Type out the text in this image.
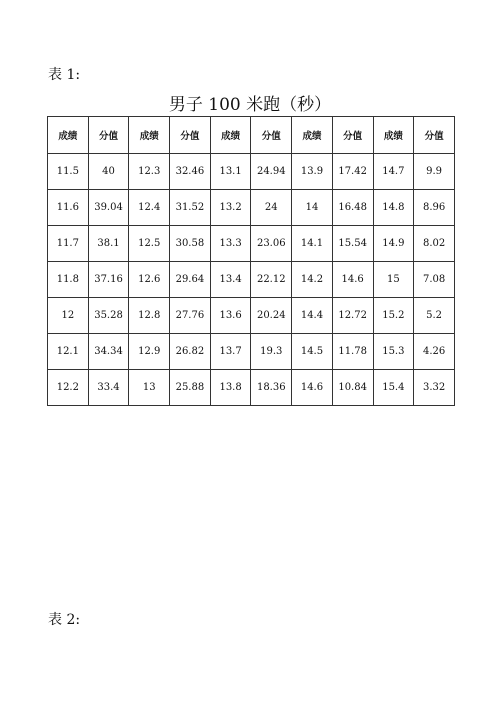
表 1:
男子 100 米跑（秒）
成绩	分值	成绩	分值	成绩	分值	成绩	分值	成绩	分值
11.5	40	12.3	32.46	13.1	24.94	13.9	17.42	14.7	9.9
11.6	39.04	12.4	31.52	13.2	24	14	16.48	14.8	8.96
11.7	38.1	12.5	30.58	13.3	23.06	14.1	15.54	14.9	8.02
11.8	37.16	12.6	29.64	13.4	22.12	14.2	14.6	15	7.08
12	35.28	12.8	27.76	13.6	20.24	14.4	12.72	15.2	5.2
12.1	34.34	12.9	26.82	13.7	19.3	14.5	11.78	15.3	4.26
12.2	33.4	13	25.88	13.8	18.36	14.6	10.84	15.4	3.32
表 2:
